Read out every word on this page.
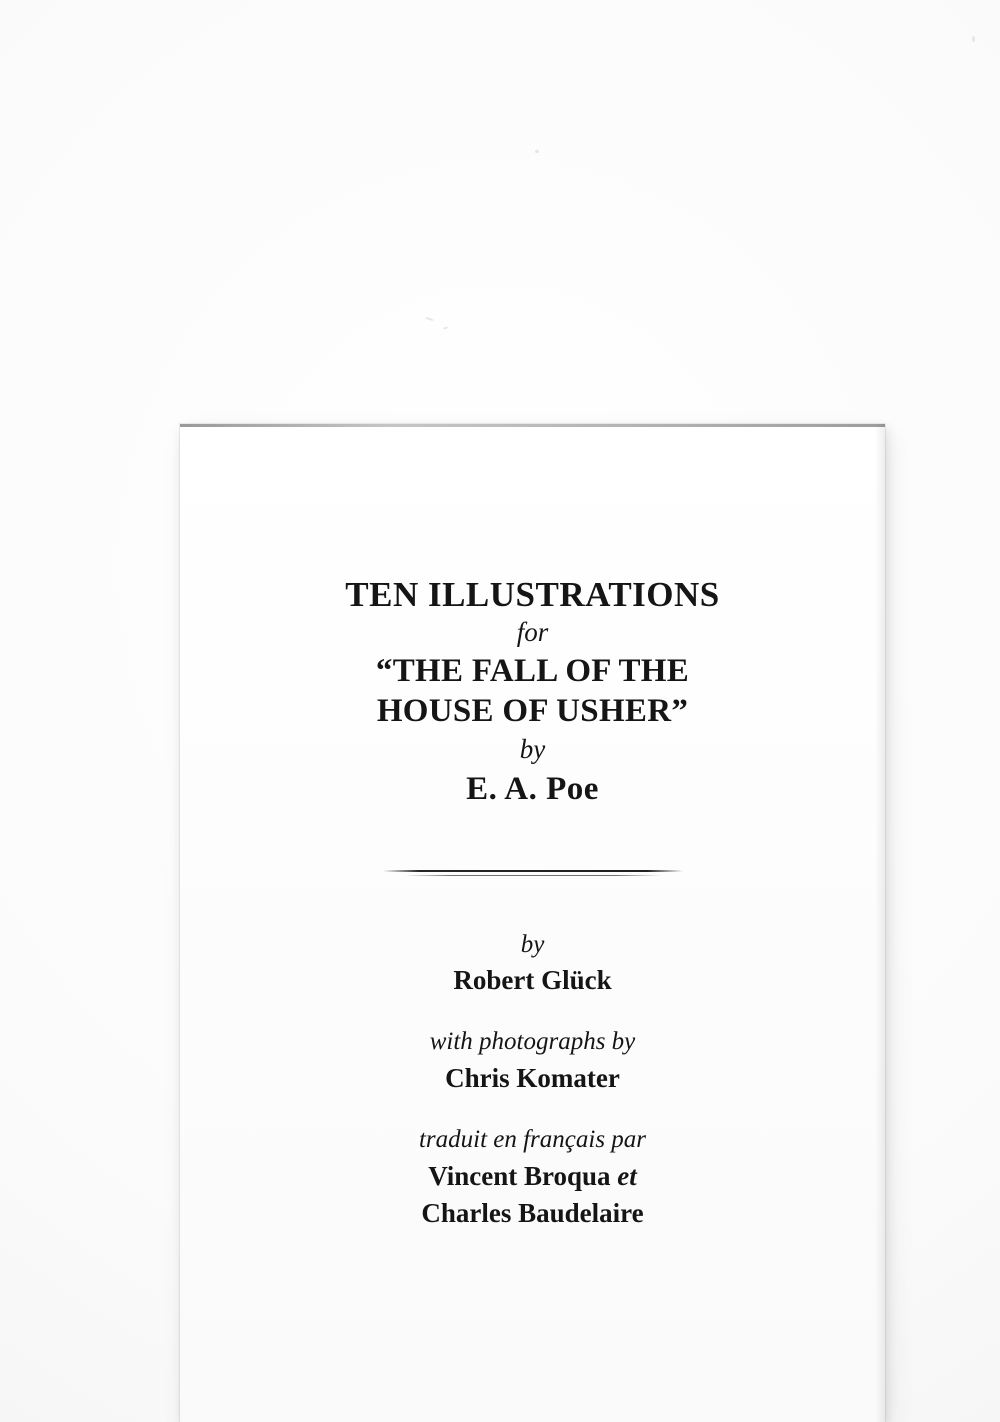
TEN ILLUSTRATIONS
for
“THE FALL OF THE
HOUSE OF USHER”
by
E. A. Poe
by
Robert Glück
with photographs by
Chris Komater
traduit en français par
Vincent Broqua et
Charles Baudelaire
